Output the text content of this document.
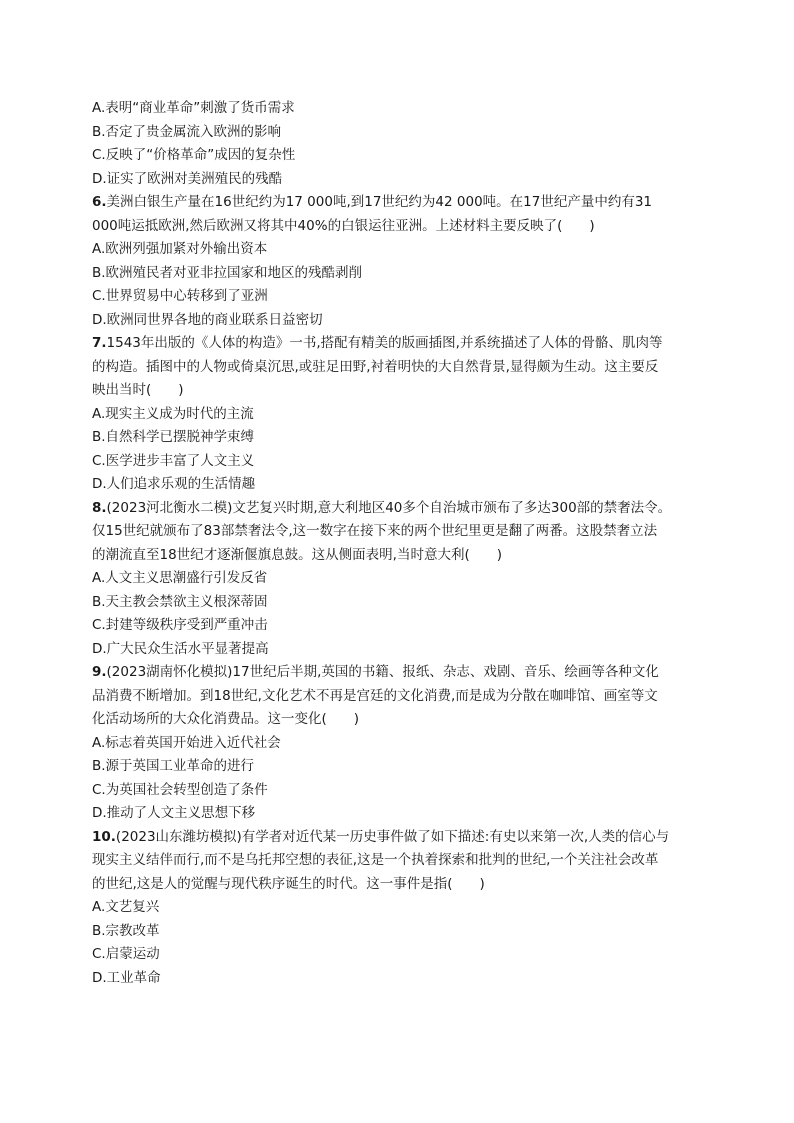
A.表明“商业革命”刺激了货币需求
B.否定了贵金属流入欧洲的影响
C.反映了“价格革命”成因的复杂性
D.证实了欧洲对美洲殖民的残酷
6.美洲白银生产量在16世纪约为17 000吨,到17世纪约为42 000吨。在17世纪产量中约有31
000吨运抵欧洲,然后欧洲又将其中40%的白银运往亚洲。上述材料主要反映了(　　)
A.欧洲列强加紧对外输出资本
B.欧洲殖民者对亚非拉国家和地区的残酷剥削
C.世界贸易中心转移到了亚洲
D.欧洲同世界各地的商业联系日益密切
7.1543年出版的《人体的构造》一书,搭配有精美的版画插图,并系统描述了人体的骨骼、肌肉等
的构造。插图中的人物或倚桌沉思,或驻足田野,衬着明快的大自然背景,显得颇为生动。这主要反
映出当时(　　)
A.现实主义成为时代的主流
B.自然科学已摆脱神学束缚
C.医学进步丰富了人文主义
D.人们追求乐观的生活情趣
8.(2023河北衡水二模)文艺复兴时期,意大利地区40多个自治城市颁布了多达300部的禁奢法令。
仅15世纪就颁布了83部禁奢法令,这一数字在接下来的两个世纪里更是翻了两番。这股禁奢立法
的潮流直至18世纪才逐渐偃旗息鼓。这从侧面表明,当时意大利(　　)
A.人文主义思潮盛行引发反省
B.天主教会禁欲主义根深蒂固
C.封建等级秩序受到严重冲击
D.广大民众生活水平显著提高
9.(2023湖南怀化模拟)17世纪后半期,英国的书籍、报纸、杂志、戏剧、音乐、绘画等各种文化
品消费不断增加。到18世纪,文化艺术不再是宫廷的文化消费,而是成为分散在咖啡馆、画室等文
化活动场所的大众化消费品。这一变化(　　)
A.标志着英国开始进入近代社会
B.源于英国工业革命的进行
C.为英国社会转型创造了条件
D.推动了人文主义思想下移
10.(2023山东潍坊模拟)有学者对近代某一历史事件做了如下描述:有史以来第一次,人类的信心与
现实主义结伴而行,而不是乌托邦空想的表征,这是一个执着探索和批判的世纪,一个关注社会改革
的世纪,这是人的觉醒与现代秩序诞生的时代。这一事件是指(　　)
A.文艺复兴
B.宗教改革
C.启蒙运动
D.工业革命
